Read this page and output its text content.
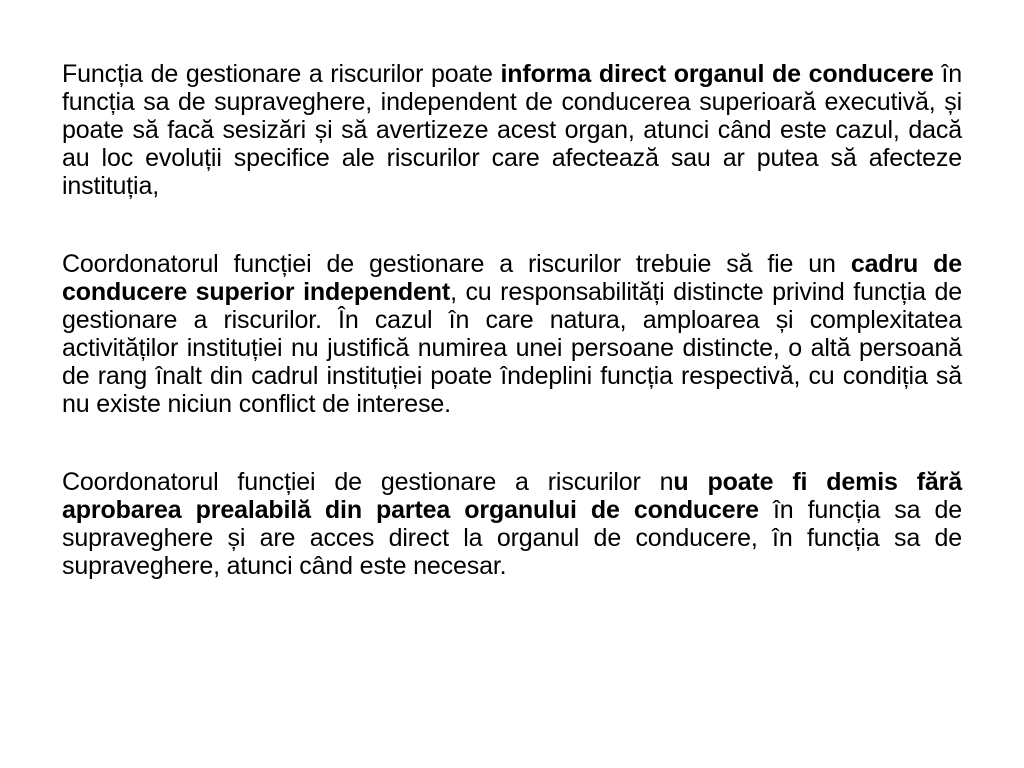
Funcția de gestionare a riscurilor poate informa direct organul de conducere în funcția sa de supraveghere, independent de conducerea superioară executivă, și poate să facă sesizări și să avertizeze acest organ, atunci când este cazul, dacă au loc evoluții specifice ale riscurilor care afectează sau ar putea să afecteze instituția,

Coordonatorul funcției de gestionare a riscurilor trebuie să fie un cadru de conducere superior independent, cu responsabilități distincte privind funcția de gestionare a riscurilor. În cazul în care natura, amploarea și complexitatea activităților instituției nu justifică numirea unei persoane distincte, o altă persoană de rang înalt din cadrul instituției poate îndeplini funcția respectivă, cu condiția să nu existe niciun conflict de interese.

Coordonatorul funcției de gestionare a riscurilor nu poate fi demis fără aprobarea prealabilă din partea organului de conducere în funcția sa de supraveghere și are acces direct la organul de conducere, în funcția sa de supraveghere, atunci când este necesar.
